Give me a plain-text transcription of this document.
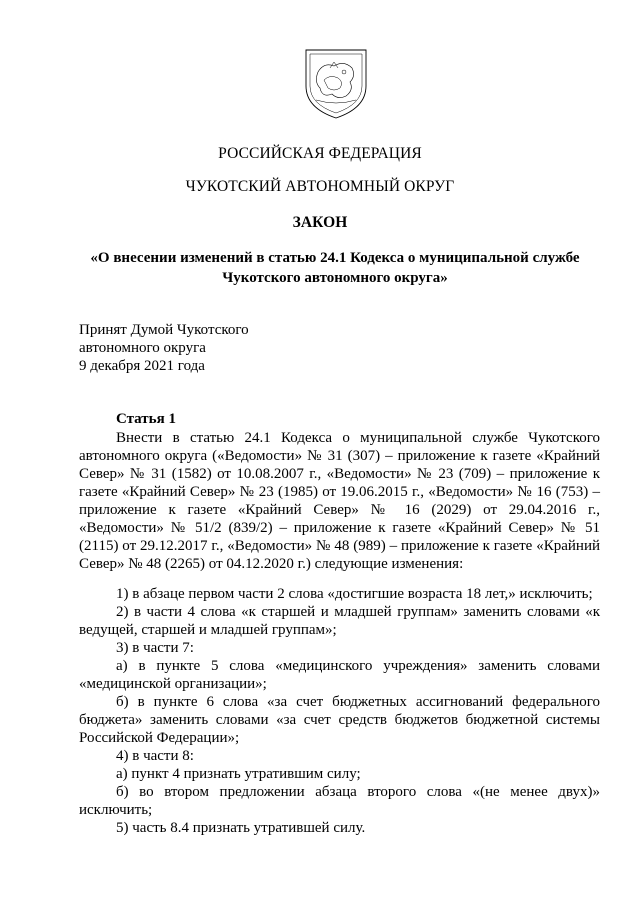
РОССИЙСКАЯ ФЕДЕРАЦИЯ
ЧУКОТСКИЙ АВТОНОМНЫЙ ОКРУГ
ЗАКОН
«О внесении изменений в статью 24.1 Кодекса о муниципальной службе
Чукотского автономного округа»
Принят Думой Чукотского
автономного округа
9 декабря 2021 года
Статья 1

Внести в статью 24.1 Кодекса о муниципальной службе Чукотского автономного округа («Ведомости» № 31 (307) – приложение к газете «Крайний Север» № 31 (1582) от 10.08.2007 г., «Ведомости» № 23 (709) – приложение к газете «Крайний Север» № 23 (1985) от 19.06.2015 г., «Ведомости» № 16 (753) – приложение к газете «Крайний Север» № 16 (2029) от 29.04.2016 г., «Ведомости» № 51/2 (839/2) – приложение к газете «Крайний Север» № 51 (2115) от 29.12.2017 г., «Ведомости» № 48 (989) – приложение к газете «Крайний Север» № 48 (2265) от 04.12.2020 г.) следующие изменения:

1) в абзаце первом части 2 слова «достигшие возраста 18 лет,» исключить;

2) в части 4 слова «к старшей и младшей группам» заменить словами «к ведущей, старшей и младшей группам»;

3) в части 7:

а) в пункте 5 слова «медицинского учреждения» заменить словами «медицинской организации»;

б) в пункте 6 слова «за счет бюджетных ассигнований федерального бюджета» заменить словами «за счет средств бюджетов бюджетной системы Российской Федерации»;

4) в части 8:

а) пункт 4 признать утратившим силу;

б) во втором предложении абзаца второго слова «(не менее двух)» исключить;

5) часть 8.4 признать утратившей силу.
